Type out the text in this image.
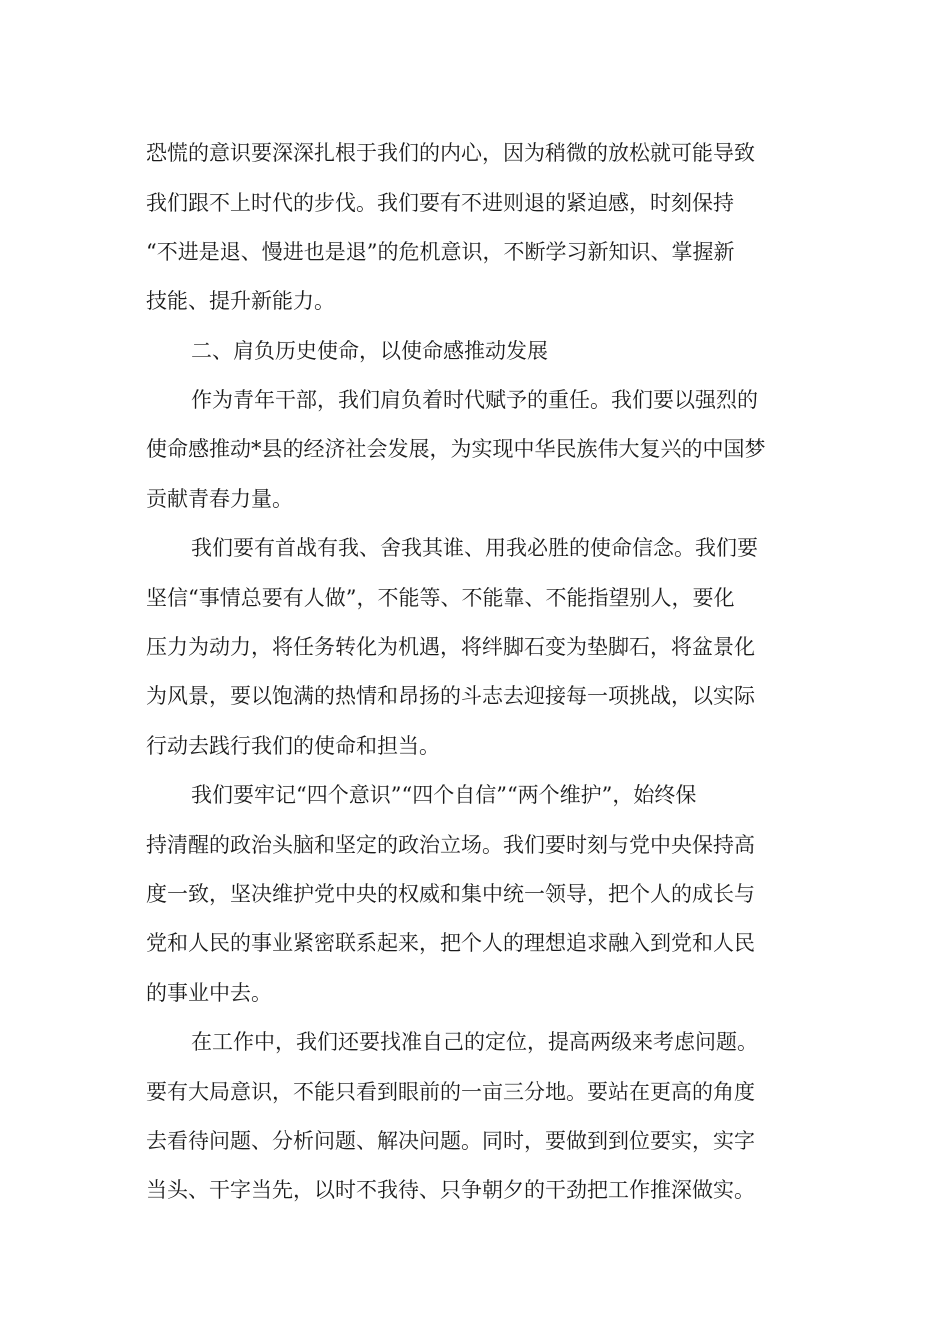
恐慌的意识要深深扎根于我们的内心，因为稍微的放松就可能导致

我们跟不上时代的步伐。我们要有不进则退的紧迫感，时刻保持

“不进是退、慢进也是退”的危机意识，不断学习新知识、掌握新

技能、提升新能力。

二、肩负历史使命，以使命感推动发展

作为青年干部，我们肩负着时代赋予的重任。我们要以强烈的

使命感推动*县的经济社会发展，为实现中华民族伟大复兴的中国梦

贡献青春力量。

我们要有首战有我、舍我其谁、用我必胜的使命信念。我们要

坚信“事情总要有人做”，不能等、不能靠、不能指望别人，要化

压力为动力，将任务转化为机遇，将绊脚石变为垫脚石，将盆景化

为风景，要以饱满的热情和昂扬的斗志去迎接每一项挑战，以实际

行动去践行我们的使命和担当。

我们要牢记“四个意识”“四个自信”“两个维护”，始终保

持清醒的政治头脑和坚定的政治立场。我们要时刻与党中央保持高

度一致，坚决维护党中央的权威和集中统一领导，把个人的成长与

党和人民的事业紧密联系起来，把个人的理想追求融入到党和人民

的事业中去。

在工作中，我们还要找准自己的定位，提高两级来考虑问题。

要有大局意识，不能只看到眼前的一亩三分地。要站在更高的角度

去看待问题、分析问题、解决问题。同时，要做到到位要实，实字

当头、干字当先，以时不我待、只争朝夕的干劲把工作推深做实。
